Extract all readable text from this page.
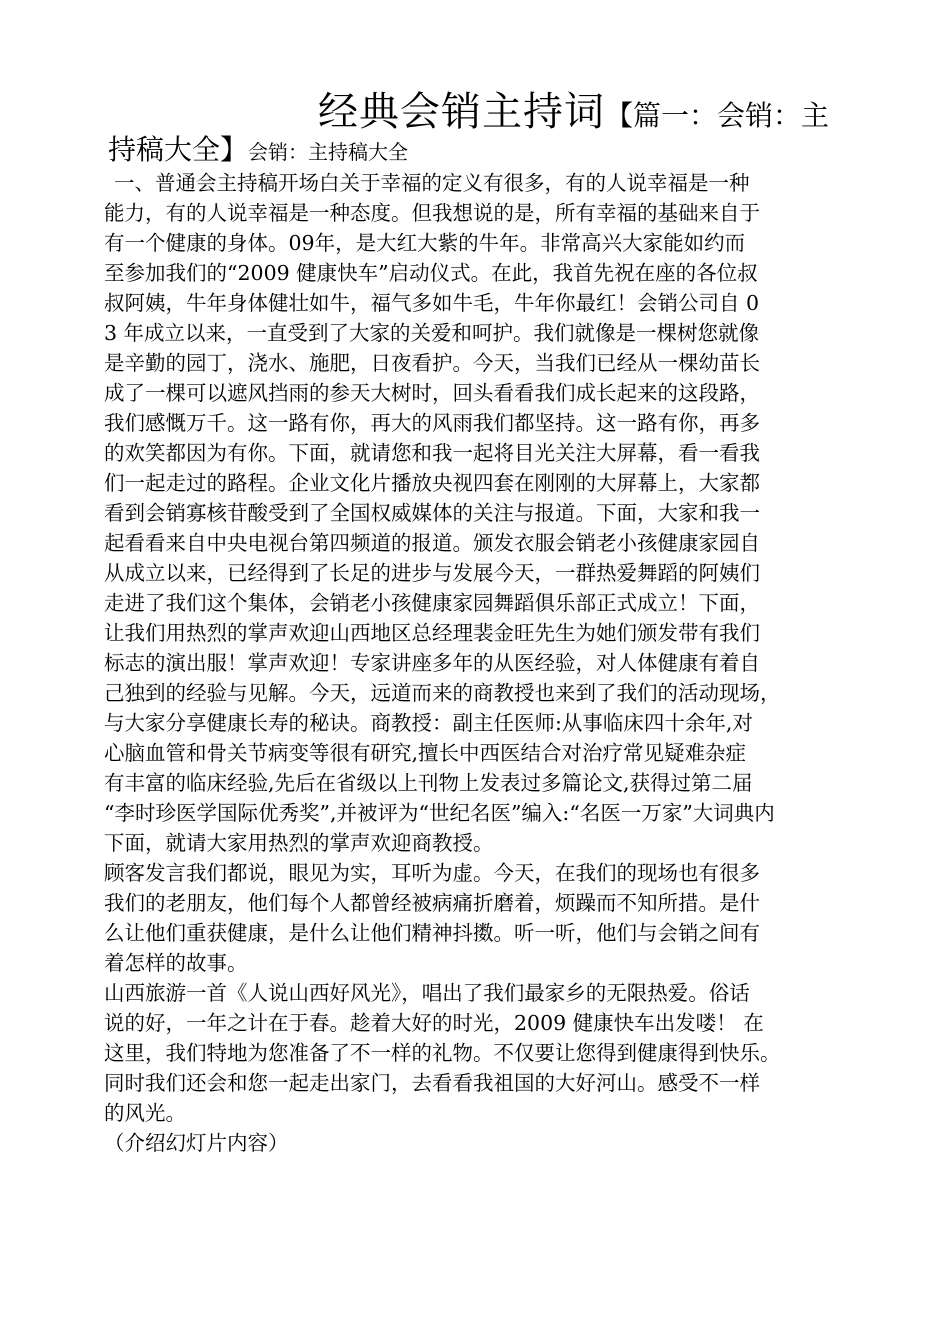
经典会销主持词【篇一：会销：主
持稿大全】会销：主持稿大全
一、普通会主持稿开场白关于幸福的定义有很多，有的人说幸福是一种
能力，有的人说幸福是一种态度。但我想说的是，所有幸福的基础来自于
有一个健康的身体。09年，是大红大紫的牛年。非常高兴大家能如约而
至参加我们的“2009 健康快车”启动仪式。在此，我首先祝在座的各位叔
叔阿姨，牛年身体健壮如牛，福气多如牛毛，牛年你最红！会销公司自 0
3 年成立以来，一直受到了大家的关爱和呵护。我们就像是一棵树您就像
是辛勤的园丁，浇水、施肥，日夜看护。今天，当我们已经从一棵幼苗长
成了一棵可以遮风挡雨的参天大树时，回头看看我们成长起来的这段路，
我们感慨万千。这一路有你，再大的风雨我们都坚持。这一路有你，再多
的欢笑都因为有你。下面，就请您和我一起将目光关注大屏幕，看一看我
们一起走过的路程。企业文化片播放央视四套在刚刚的大屏幕上，大家都
看到会销寡核苷酸受到了全国权威媒体的关注与报道。下面，大家和我一
起看看来自中央电视台第四频道的报道。颁发衣服会销老小孩健康家园自
从成立以来，已经得到了长足的进步与发展今天，一群热爱舞蹈的阿姨们
走进了我们这个集体，会销老小孩健康家园舞蹈俱乐部正式成立！下面，
让我们用热烈的掌声欢迎山西地区总经理裴金旺先生为她们颁发带有我们
标志的演出服！掌声欢迎！专家讲座多年的从医经验，对人体健康有着自
己独到的经验与见解。今天，远道而来的商教授也来到了我们的活动现场，
与大家分享健康长寿的秘诀。商教授：副主任医师:从事临床四十余年,对
心脑血管和骨关节病变等很有研究,擅长中西医结合对治疗常见疑难杂症
有丰富的临床经验,先后在省级以上刊物上发表过多篇论文,获得过第二届
“李时珍医学国际优秀奖”,并被评为“世纪名医”编入:“名医一万家”大词典内
下面，就请大家用热烈的掌声欢迎商教授。
顾客发言我们都说，眼见为实，耳听为虚。今天，在我们的现场也有很多
我们的老朋友，他们每个人都曾经被病痛折磨着，烦躁而不知所措。是什
么让他们重获健康，是什么让他们精神抖擞。听一听，他们与会销之间有
着怎样的故事。
山西旅游一首《人说山西好风光》，唱出了我们最家乡的无限热爱。俗话
说的好，一年之计在于春。趁着大好的时光，2009 健康快车出发喽！ 在
这里，我们特地为您准备了不一样的礼物。不仅要让您得到健康得到快乐。
同时我们还会和您一起走出家门，去看看我祖国的大好河山。感受不一样
的风光。
（介绍幻灯片内容）
